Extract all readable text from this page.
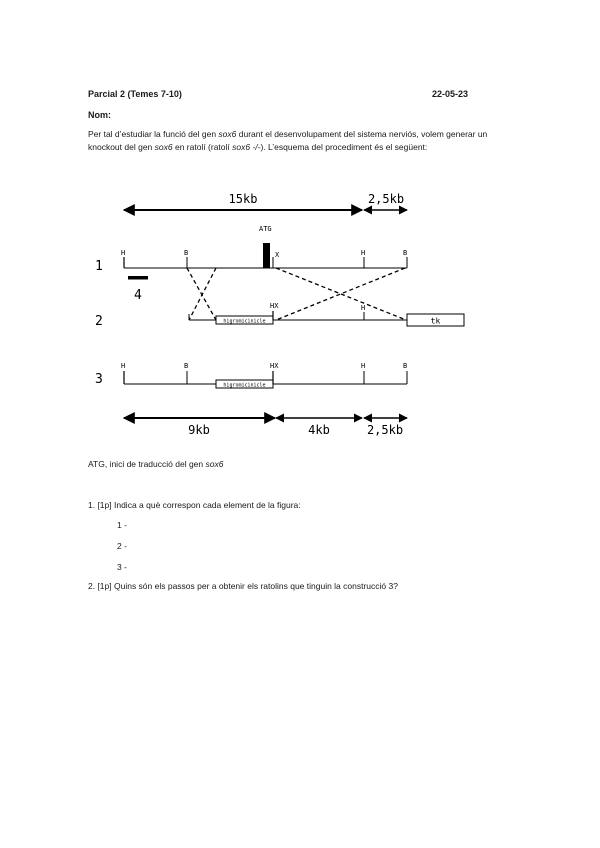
Parcial 2 (Temes 7-10)	22-05-23
Nom:
Per tal d’estudiar la funció del gen sox6 durant el desenvolupament del sistema nerviós, volem generar un knockout del gen sox6 en ratolí (ratolí sox6 -/-). L’esquema del procediment és el següent:
15kb	2,5kb
1
H	B
ATG
X	H	B
4
2	higromicinicle
HX	H
tk
3
H	B
higromicinicle
HX	H	B
9kb	4kb	2,5kb
ATG, inici de traducció del gen sox6
1. [1p] Indica a què correspon cada element de la figura:
1 -
2 -
3 -
2. [1p] Quins són els passos per a obtenir els ratolins que tinguin la construcció 3?
